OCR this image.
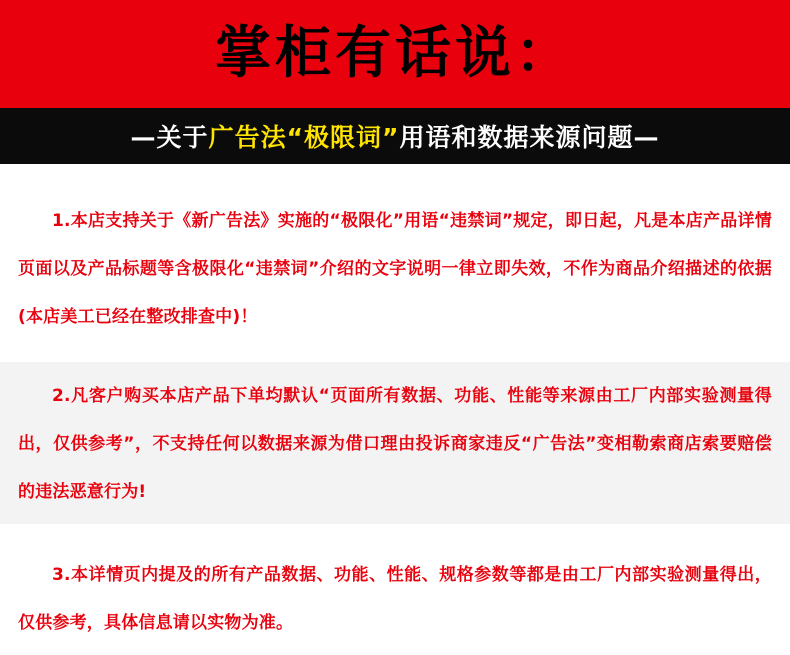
掌柜有话说：
—关于广告法“极限词”用语和数据来源问题—

1.本店支持关于《新广告法》实施的“极限化”用语“违禁词”规定，即日起，凡是本店产品详情页面以及产品标题等含极限化“违禁词”介绍的文字说明一律立即失效，不作为商品介绍描述的依据(本店美工已经在整改排查中)！

2.凡客户购买本店产品下单均默认“页面所有数据、功能、性能等来源由工厂内部实验测量得出，仅供参考”，不支持任何以数据来源为借口理由投诉商家违反“广告法”变相勒索商店索要赔偿的违法恶意行为!

3.本详情页内提及的所有产品数据、功能、性能、规格参数等都是由工厂内部实验测量得出，仅供参考，具体信息请以实物为准。
